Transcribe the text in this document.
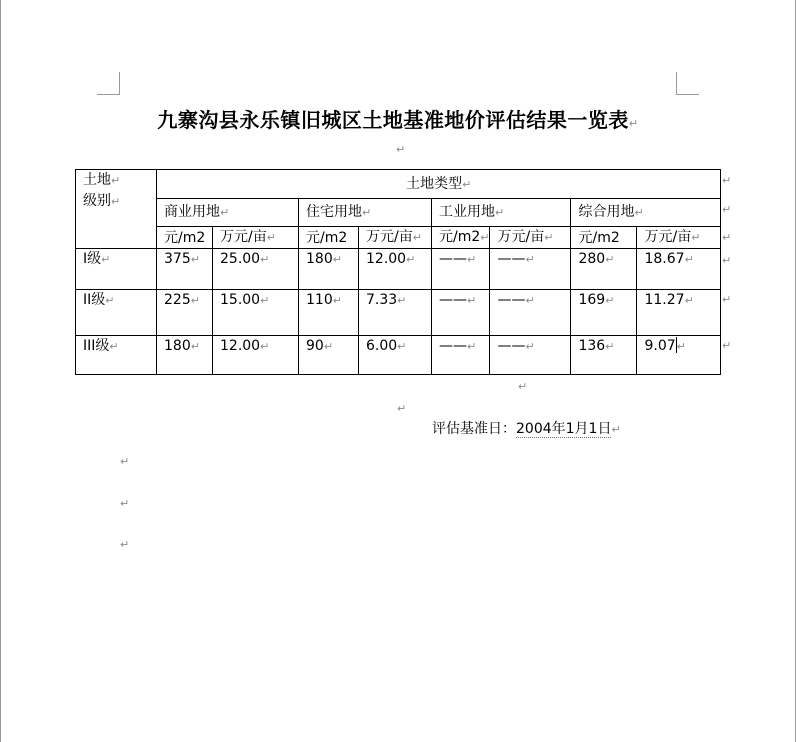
九寨沟县永乐镇旧城区土地基准地价评估结果一览表↵
↵
土地↵
级别↵	土地类型↵							
	商业用地↵		住宅用地↵		工业用地↵		综合用地↵	
	元/m2	万元/亩↵	元/m2	万元/亩↵	元/m2↵	万元/亩↵	元/m2	万元/亩↵
I级↵	375↵	25.00↵	180↵	12.00↵	——↵	——↵	280↵	18.67↵
II级↵	225↵	15.00↵	110↵	7.33↵	——↵	——↵	169↵	11.27↵
III级↵	180↵	12.00↵	90↵	6.00↵	——↵	——↵	136↵	9.07↵
↵
↵
↵
↵
↵
↵
↵
↵
评估基准日：2004年1月1日↵
↵
↵
↵
